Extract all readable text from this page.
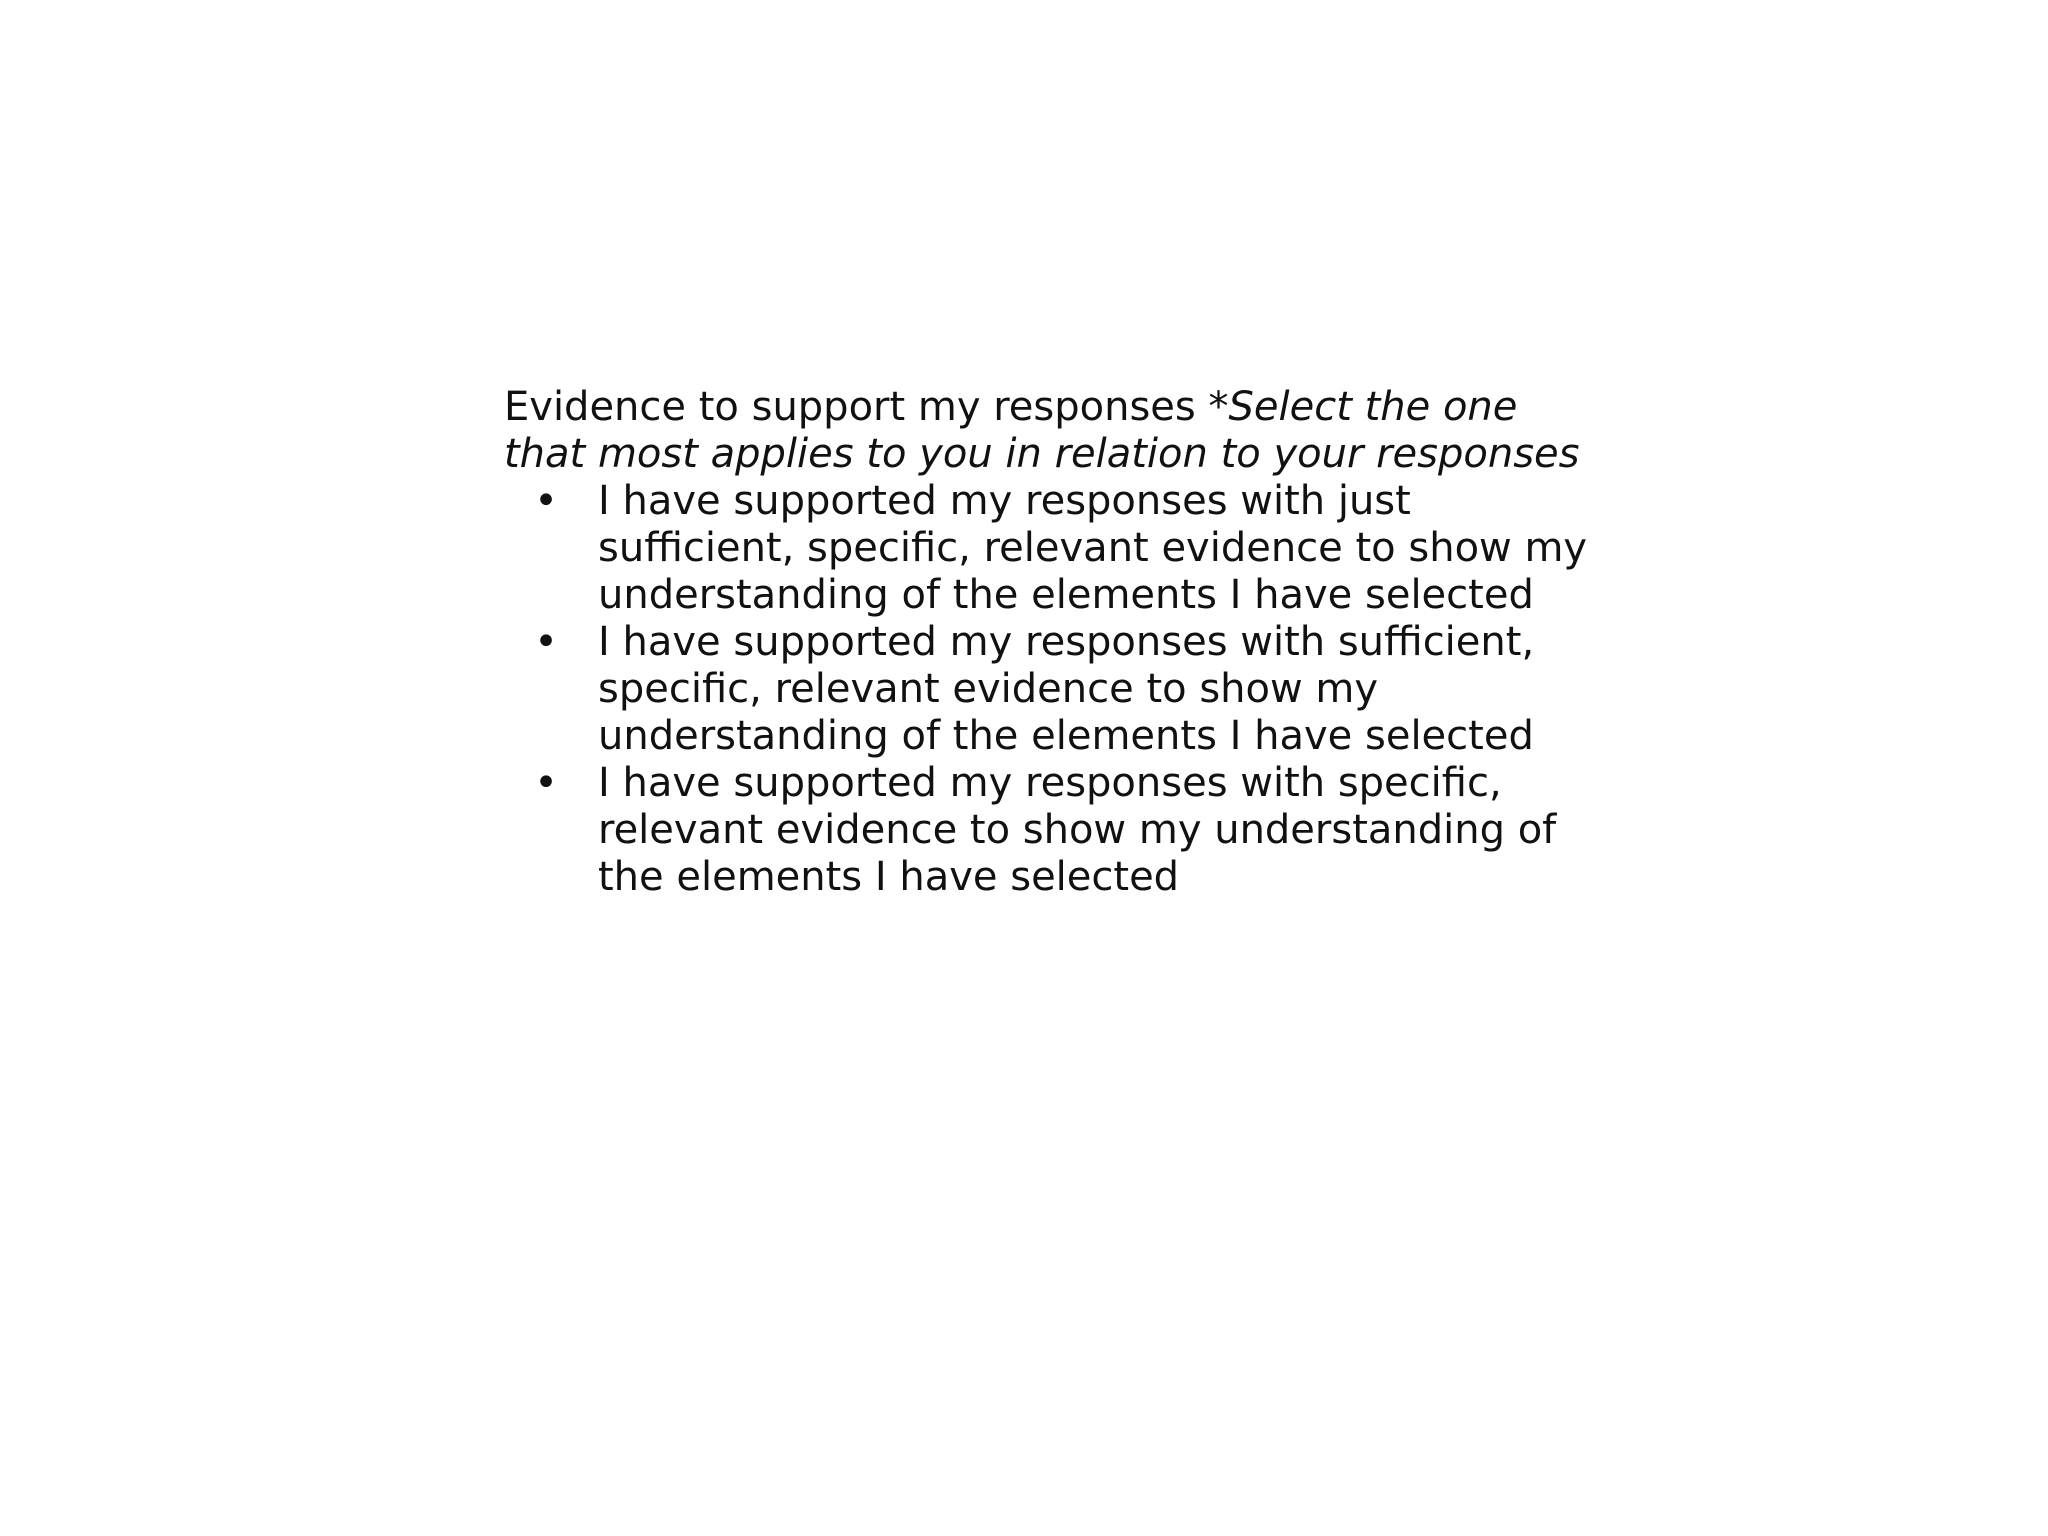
Evidence to support my responses *Select the one that most applies to you in relation to your responses

• I have supported my responses with just sufficient, specific, relevant evidence to show my understanding of the elements I have selected
• I have supported my responses with sufficient, specific, relevant evidence to show my understanding of the elements I have selected
• I have supported my responses with specific, relevant evidence to show my understanding of the elements I have selected
